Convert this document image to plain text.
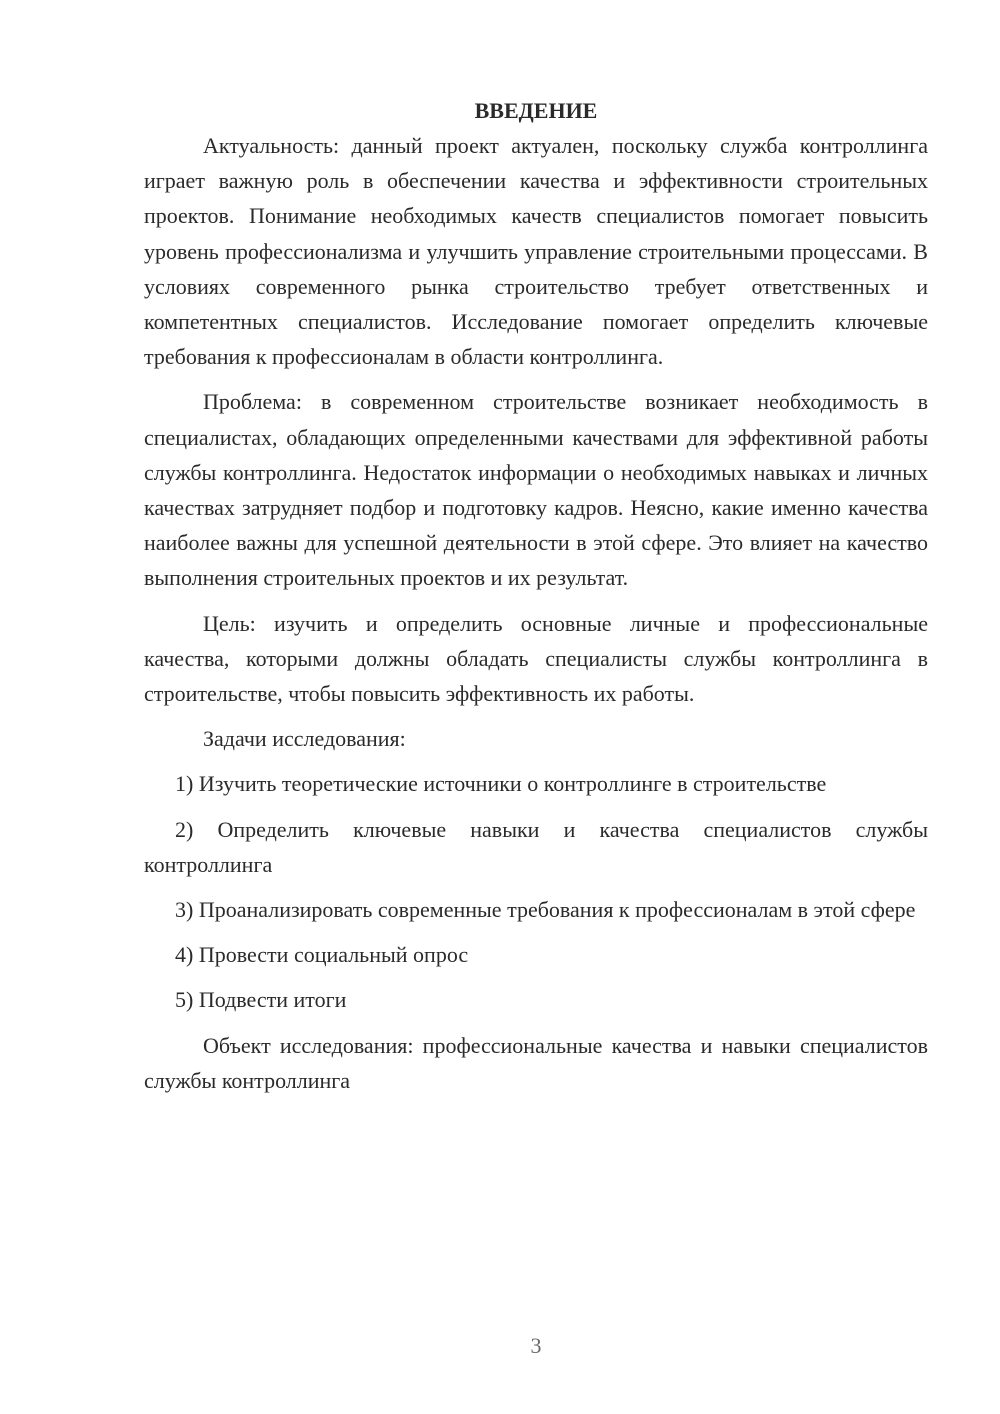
ВВЕДЕНИЕ

Актуальность: данный проект актуален, поскольку служба контроллинга играет важную роль в обеспечении качества и эффективности строительных проектов. Понимание необходимых качеств специалистов помогает повысить уровень профессионализма и улучшить управление строительными процессами. В условиях современного рынка строительство требует ответственных и компетентных специалистов. Исследование помогает определить ключевые требования к профессионалам в области контроллинга.

Проблема: в современном строительстве возникает необходимость в специалистах, обладающих определенными качествами для эффективной работы службы контроллинга. Недостаток информации о необходимых навыках и личных качествах затрудняет подбор и подготовку кадров. Неясно, какие именно качества наиболее важны для успешной деятельности в этой сфере. Это влияет на качество выполнения строительных проектов и их результат.

Цель: изучить и определить основные личные и профессиональные качества, которыми должны обладать специалисты службы контроллинга в строительстве, чтобы повысить эффективность их работы.

Задачи исследования:

1) Изучить теоретические источники о контроллинге в строительстве

2) Определить ключевые навыки и качества специалистов службы контроллинга

3) Проанализировать современные требования к профессионалам в этой сфере

4) Провести социальный опрос

5) Подвести итоги

Объект исследования: профессиональные качества и навыки специалистов службы контроллинга

3
